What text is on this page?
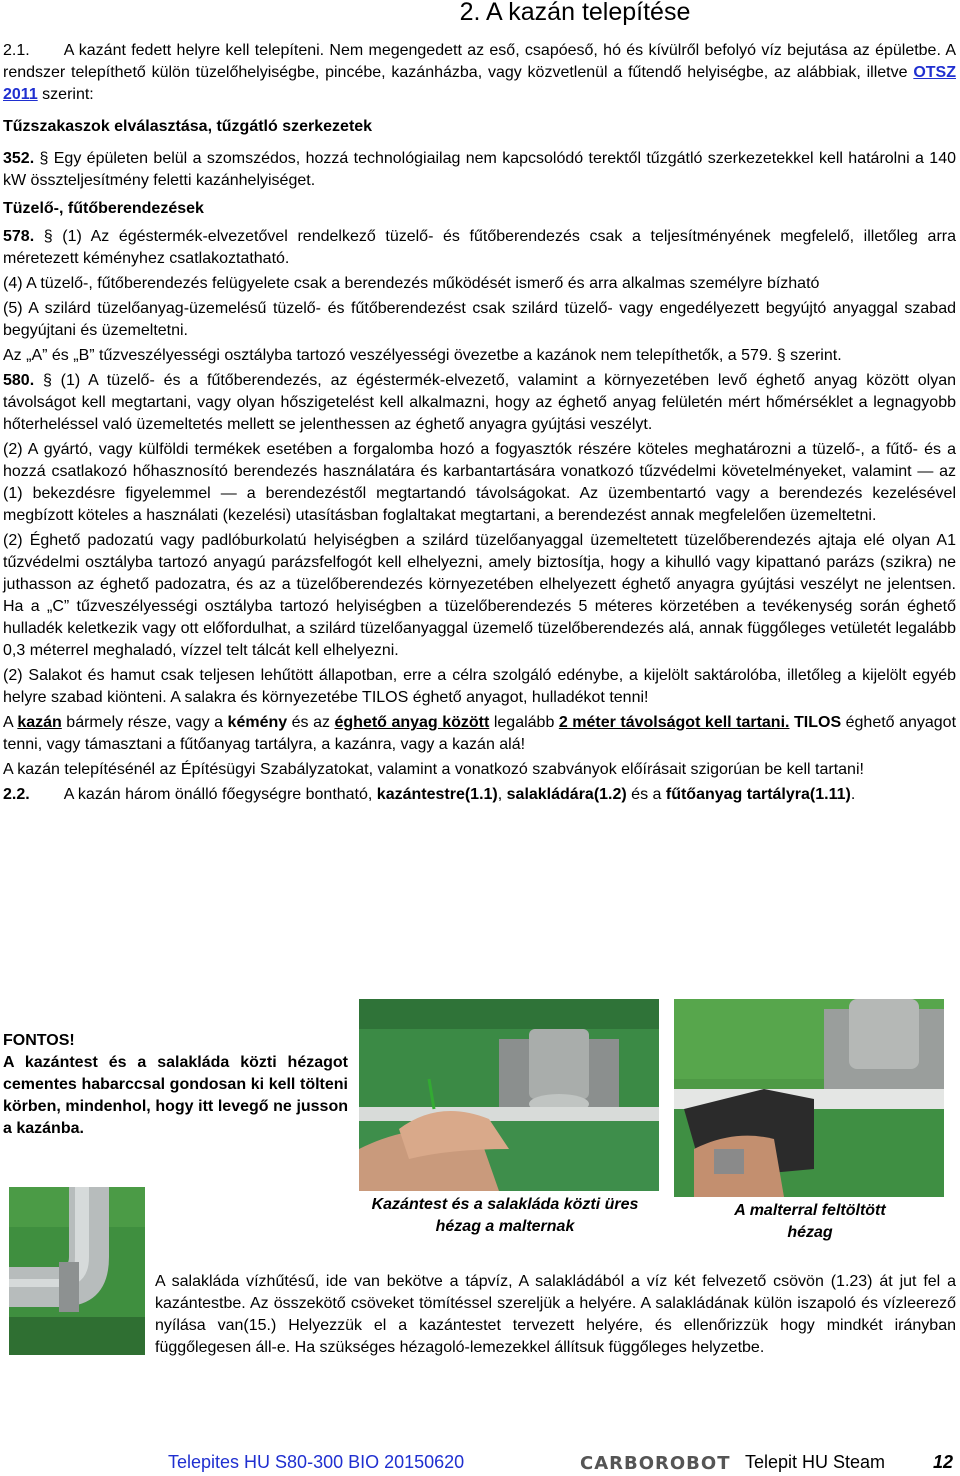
2. A kazán telepítése

2.1. A kazánt fedett helyre kell telepíteni. Nem megengedett az eső, csapóeső, hó és kívülről befolyó víz bejutása az épületbe. A rendszer telepíthető külön tüzelőhelyiségbe, pincébe, kazánházba, vagy közvetlenül a fűtendő helyiségbe, az alábbiak, illetve OTSZ 2011 szerint:

Tűzszakaszok elválasztása, tűzgátló szerkezetek

352. § Egy épületen belül a szomszédos, hozzá technológiailag nem kapcsolódó terektől tűzgátló szerkezetekkel kell határolni a 140 kW összteljesítmény feletti kazánhelyiséget.

Tüzelő-, fűtőberendezések

578. § (1) Az égéstermék-elvezetővel rendelkező tüzelő- és fűtőberendezés csak a teljesítményének megfelelő, illetőleg arra méretezett kéményhez csatlakoztatható.

(4) A tüzelő-, fűtőberendezés felügyelete csak a berendezés működését ismerő és arra alkalmas személyre bízható

(5) A szilárd tüzelőanyag-üzemelésű tüzelő- és fűtőberendezést csak szilárd tüzelő- vagy engedélyezett begyújtó anyaggal szabad begyújtani és üzemeltetni.

Az „A” és „B” tűzveszélyességi osztályba tartozó veszélyességi övezetbe a kazánok nem telepíthetők, a 579. § szerint.

580. § (1) A tüzelő- és a fűtőberendezés, az égéstermék-elvezető, valamint a környezetében levő éghető anyag között olyan távolságot kell megtartani, vagy olyan hőszigetelést kell alkalmazni, hogy az éghető anyag felületén mért hőmérséklet a legnagyobb hőterheléssel való üzemeltetés mellett se jelenthessen az éghető anyagra gyújtási veszélyt.

(2) A gyártó, vagy külföldi termékek esetében a forgalomba hozó a fogyasztók részére köteles meghatározni a tüzelő-, a fűtő- és a hozzá csatlakozó hőhasznosító berendezés használatára és karbantartására vonatkozó tűzvédelmi követelményeket, valamint — az (1) bekezdésre figyelemmel — a berendezéstől megtartandó távolságokat. Az üzembentartó vagy a berendezés kezelésével megbízott köteles a használati (kezelési) utasításban foglaltakat megtartani, a berendezést annak megfelelően üzemeltetni.

(2) Éghető padozatú vagy padlóburkolatú helyiségben a szilárd tüzelőanyaggal üzemeltetett tüzelőberendezés ajtaja elé olyan A1 tűzvédelmi osztályba tartozó anyagú parázsfelfogót kell elhelyezni, amely biztosítja, hogy a kihulló vagy kipattanó parázs (szikra) ne juthasson az éghető padozatra, és az a tüzelőberendezés környezetében elhelyezett éghető anyagra gyújtási veszélyt ne jelentsen. Ha a „C” tűzveszélyességi osztályba tartozó helyiségben a tüzelőberendezés 5 méteres körzetében a tevékenység során éghető hulladék keletkezik vagy ott előfordulhat, a szilárd tüzelőanyaggal üzemelő tüzelőberendezés alá, annak függőleges vetületét legalább 0,3 méterrel meghaladó, vízzel telt tálcát kell elhelyezni.

(2) Salakot és hamut csak teljesen lehűtött állapotban, erre a célra szolgáló edénybe, a kijelölt saktárolóba, illetőleg a kijelölt egyéb helyre szabad kiönteni. A salakra és környezetébe TILOS éghető anyagot, hulladékot tenni!

A kazán bármely része, vagy a kémény és az éghető anyag között legalább 2 méter távolságot kell tartani. TILOS éghető anyagot tenni, vagy támasztani a fűtőanyag tartályra, a kazánra, vagy a kazán alá!

A kazán telepítésénél az Építésügyi Szabályzatokat, valamint a vonatkozó szabványok előírásait szigorúan be kell tartani!

2.2. A kazán három önálló főegységre bontható, kazántestre(1.1), salakládára(1.2) és a fűtőanyag tartályra(1.11).

FONTOS!
A kazántest és a salakláda közti hézagot cementes habarccsal gondosan ki kell tölteni körben, mindenhol, hogy itt levegő ne jusson a kazánba.
Kazántest és a salakláda közti üres hézag a malternak
A malterral feltöltött hézag
A salakláda vízhűtésű, ide van bekötve a tápvíz, A salakládából a víz két felvezető csövön (1.23) át jut fel a kazántestbe. Az összekötő csöveket tömítéssel szereljük a helyére. A salakládának külön iszapoló és vízleerező nyílása van(15.) Helyezzük el a kazántestet tervezett helyére, és ellenőrizzük hogy mindkét irányban függőlegesen áll-e. Ha szükséges hézagoló-lemezekkel állítsuk függőleges helyzetbe.
Telepites HU S80-300 BIO 20150620	CARBOROBOT Telepit HU Steam	12
